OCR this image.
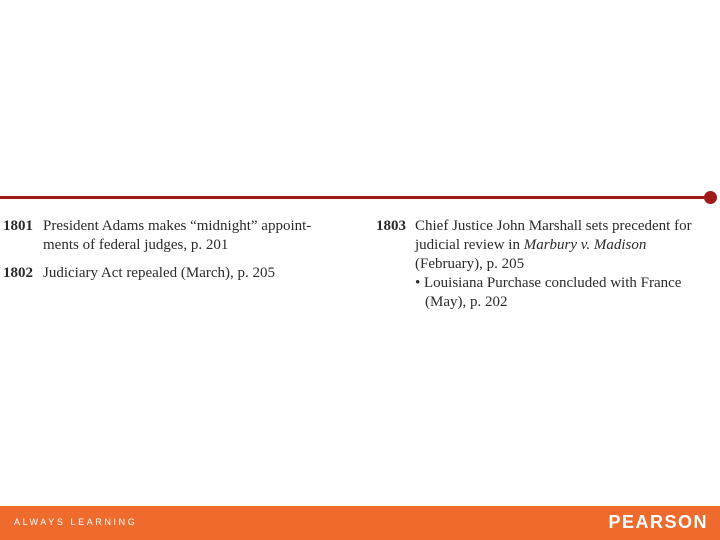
1801 President Adams makes “midnight” appoint-
ments of federal judges, p. 201
1802 Judiciary Act repealed (March), p. 205
1803 Chief Justice John Marshall sets precedent for
judicial review in Marbury v. Madison
(February), p. 205
• Louisiana Purchase concluded with France
(May), p. 202
ALWAYS LEARNING	PEARSON
